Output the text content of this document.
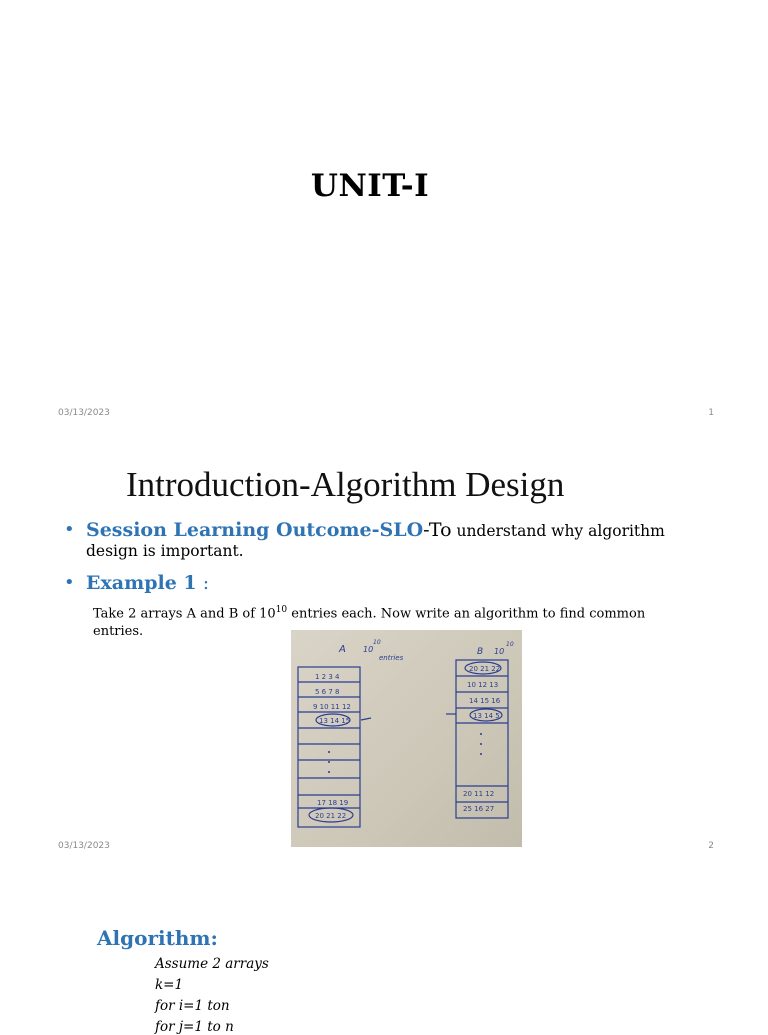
UNIT-I
03/13/2023	1
Introduction-Algorithm Design
• Session Learning Outcome-SLO-To understand why algorithm
design is important.
• Example 1 :
Take 2 arrays A and B of $10^{10}$ entries each. Now write an algorithm to find common
entries.
A 10
10
entries
B 10
10
1 2 3 4
5 6 7 8
9 10 11 12
13 14 15
17 18 19
20 21 22
20 21 22
10 12 13
14 15 16
13 14 5
20 11 12
25 16 27
03/13/2023	2
Algorithm:
Assume 2 arrays
k=1
for i=1 ton
for j=1 to n
